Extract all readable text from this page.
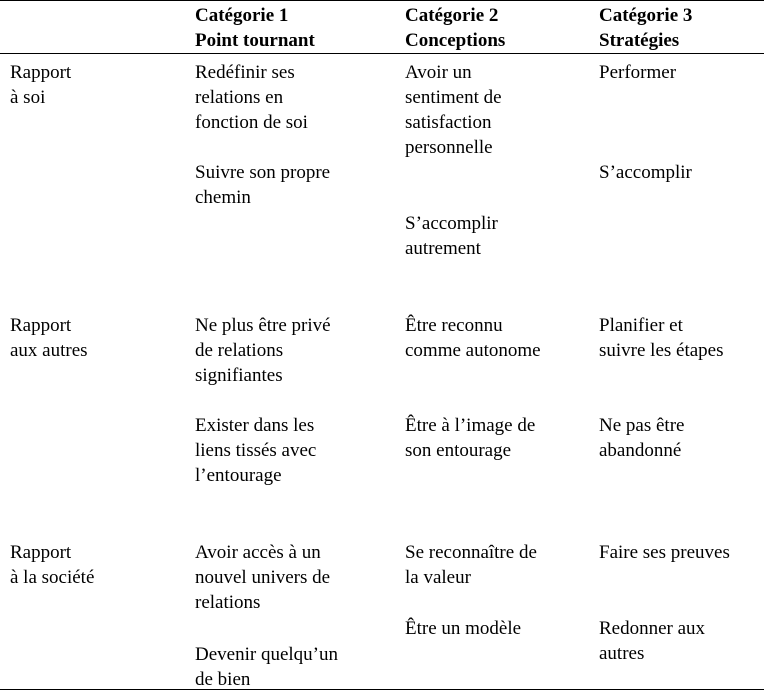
Catégorie 1
Point tournant
Catégorie 2
Conceptions
Catégorie 3
Stratégies
Rapport
à soi
Redéfinir ses
relations en
fonction de soi
Suivre son propre
chemin
Avoir un
sentiment de
satisfaction
personnelle
S’accomplir
autrement
Performer
S’accomplir
Rapport
aux autres
Ne plus être privé
de relations
signifiantes
Exister dans les
liens tissés avec
l’entourage
Être reconnu
comme autonome
Être à l’image de
son entourage
Planifier et
suivre les étapes
Ne pas être
abandonné
Rapport
à la société
Avoir accès à un
nouvel univers de
relations
Devenir quelqu’un
de bien
Se reconnaître de
la valeur
Être un modèle
Faire ses preuves
Redonner aux
autres
